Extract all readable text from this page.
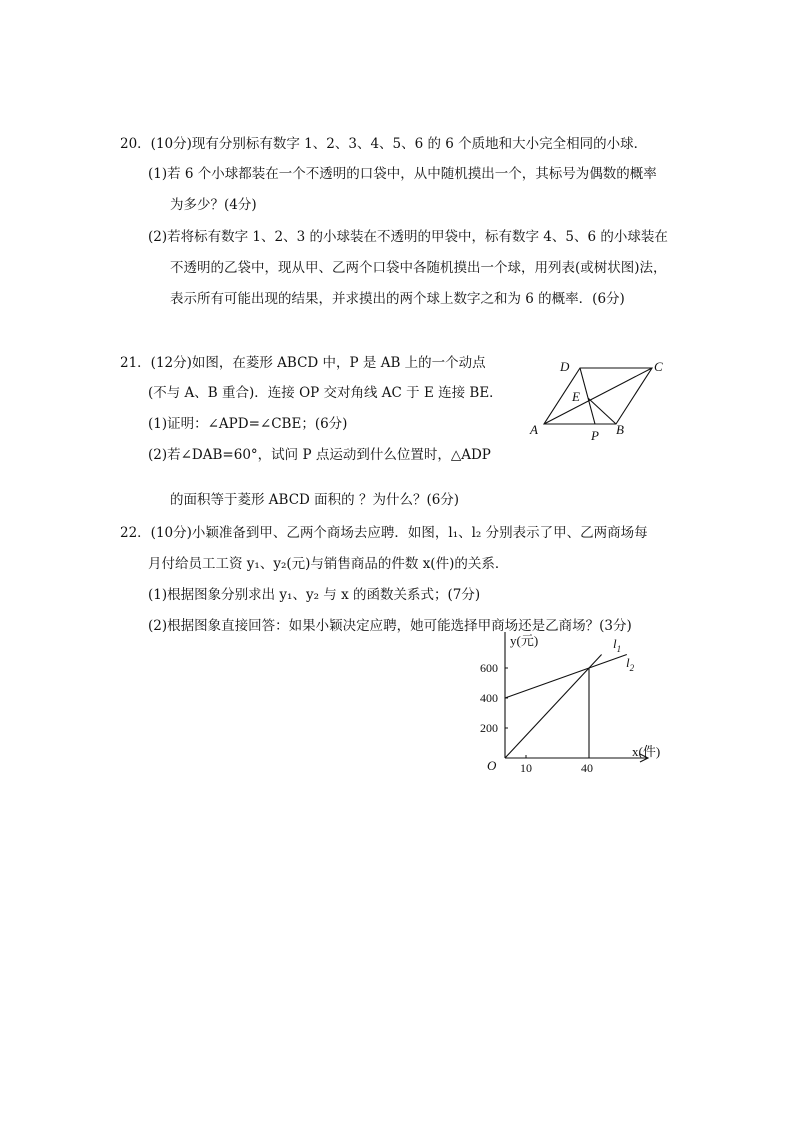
20．(10分)现有分别标有数字 1、2、3、4、5、6 的 6 个质地和大小完全相同的小球．
(1)若 6 个小球都装在一个不透明的口袋中，从中随机摸出一个，其标号为偶数的概率
为多少？(4分)
(2)若将标有数字 1、2、3 的小球装在不透明的甲袋中，标有数字 4、5、6 的小球装在
不透明的乙袋中，现从甲、乙两个口袋中各随机摸出一个球，用列表(或树状图)法，
表示所有可能出现的结果，并求摸出的两个球上数字之和为 6 的概率．(6分)
21．(12分)如图，在菱形 ABCD 中，P 是 AB 上的一个动点
(不与 A、B 重合)．连接 OP 交对角线 AC 于 E 连接 BE．
(1)证明：∠APD=∠CBE；(6分)
(2)若∠DAB=60°，试问 P 点运动到什么位置时，△ADP
的面积等于菱形 ABCD 面积的 ？为什么？(6分)
D	C
E
A	P B
22．(10分)小颖准备到甲、乙两个商场去应聘．如图，l₁、l₂ 分别表示了甲、乙两商场每
月付给员工工资 y₁、y₂(元)与销售商品的件数 x(件)的关系．
(1)根据图象分别求出 y₁、y₂ 与 x 的函数关系式；(7分)
(2)根据图象直接回答：如果小颖决定应聘，她可能选择甲商场还是乙商场？(3分)
600
400
200
10	40
y(元)
x(件)
O
$l_1$
$l_2$
